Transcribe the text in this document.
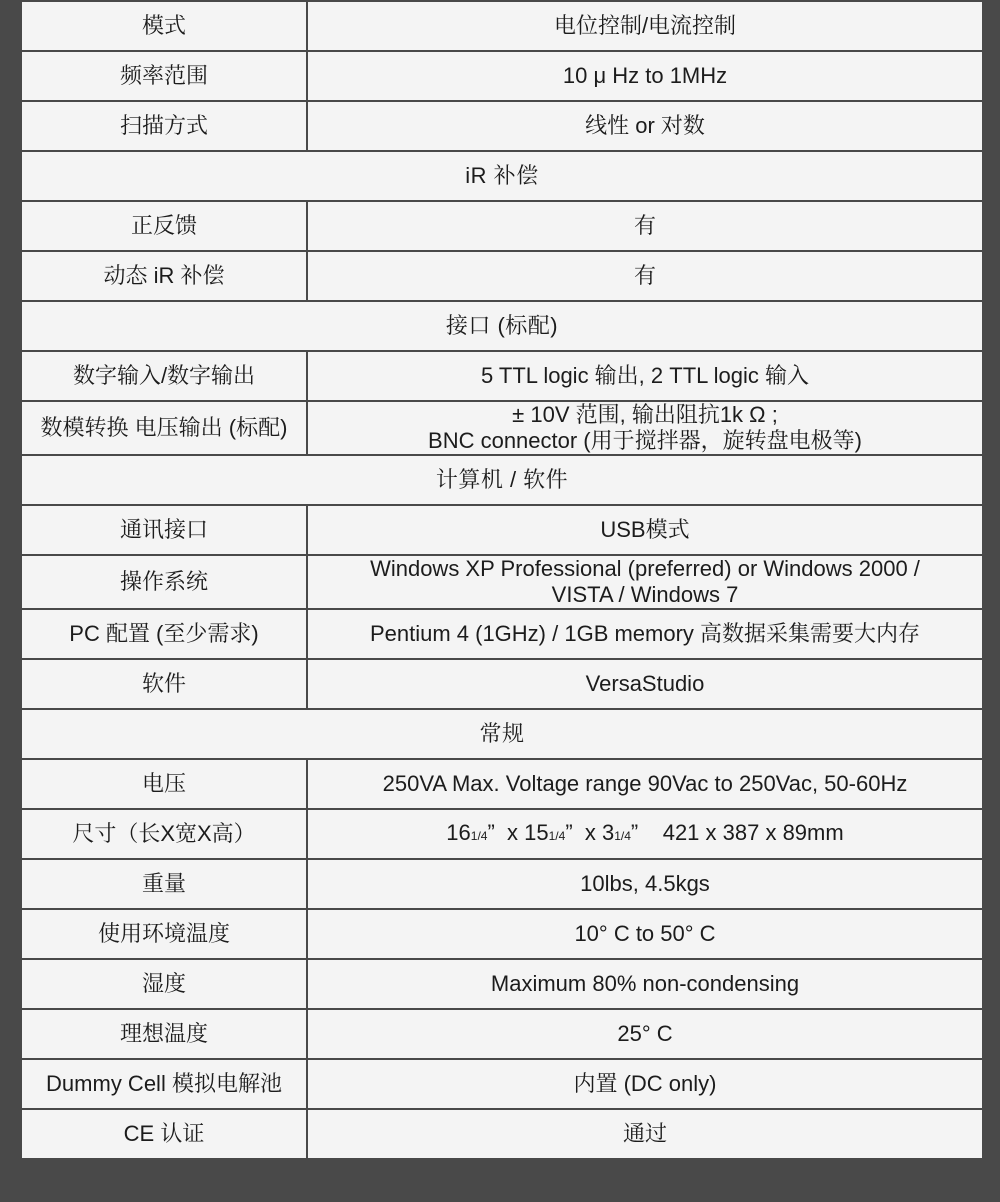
模式	电位控制/电流控制
频率范围	10 μ Hz to 1MHz
扫描方式	线性 or 对数
iR 补偿	
正反馈	有
动态 iR 补偿	有
接口 (标配)	
数字输入/数字输出	5 TTL logic 输出, 2 TTL logic 输入
数模转换 电压输出 (标配)	± 10V 范围, 输出阻抗1k Ω ;
BNC connector (用于搅拌器，旋转盘电极等)

计算机 / 软件	
通讯接口	USB模式
操作系统	Windows XP Professional (preferred) or Windows 2000 /
VISTA / Windows 7

PC 配置 (至少需求)	Pentium 4 (1GHz) / 1GB memory 高数据采集需要大内存
软件	VersaStudio
常规	
电压	250VA Max. Voltage range 90Vac to 250Vac, 50-60Hz
尺寸（长X宽X高）	161/4” x 151/4” x 31/4” 421 x 387 x 89mm
重量	10lbs, 4.5kgs
使用环境温度	10° C to 50° C
湿度	Maximum 80% non-condensing
理想温度	25° C
Dummy Cell 模拟电解池	内置 (DC only)
CE 认证	通过
